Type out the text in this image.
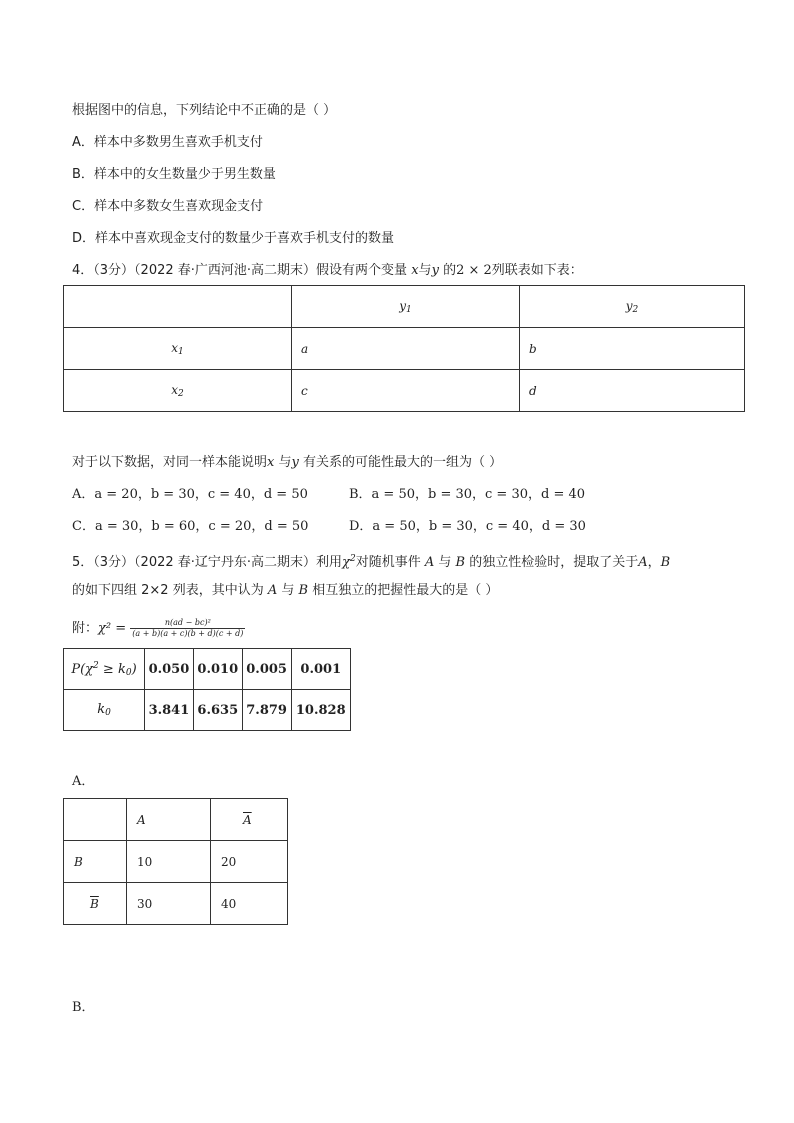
根据图中的信息，下列结论中不正确的是（ ）
A．样本中多数男生喜欢手机支付
B．样本中的女生数量少于男生数量
C．样本中多数女生喜欢现金支付
D．样本中喜欢现金支付的数量少于喜欢手机支付的数量
4．（3分）（2022 春·广西河池·高二期末）假设有两个变量 x与y 的2 × 2列联表如下表：
	$y_1$	$y_2$
$x_1$	a	b
$x_2$	c	d
对于以下数据，对同一样本能说明x 与y 有关系的可能性最大的一组为（ ）
A．a = 20，b = 30，c = 40，d = 50	B．a = 50，b = 30，c = 30，d = 40
C．a = 30，b = 60，c = 20，d = 50	D．a = 50，b = 30，c = 40，d = 30
5．（3分）（2022 春·辽宁丹东·高二期末）利用$\chi^2$对随机事件 A 与 B 的独立性检验时，提取了关于A，B
的如下四组 2×2 列表，其中认为 A 与 B 相互独立的把握性最大的是（ ）
附：$\chi^2 = \frac{\text{n(ad − bc)²}}{(a + b)(a + c)(b + d)(c + d)}$
$P(\chi^2 \ge k_0)$	0.050	0.010	0.005	0.001
$k_0$	3.841	6.635	7.879	10.828
A．
	A	$\overline{A}$
B	10	20
$\overline{B}$	30	40
B．
